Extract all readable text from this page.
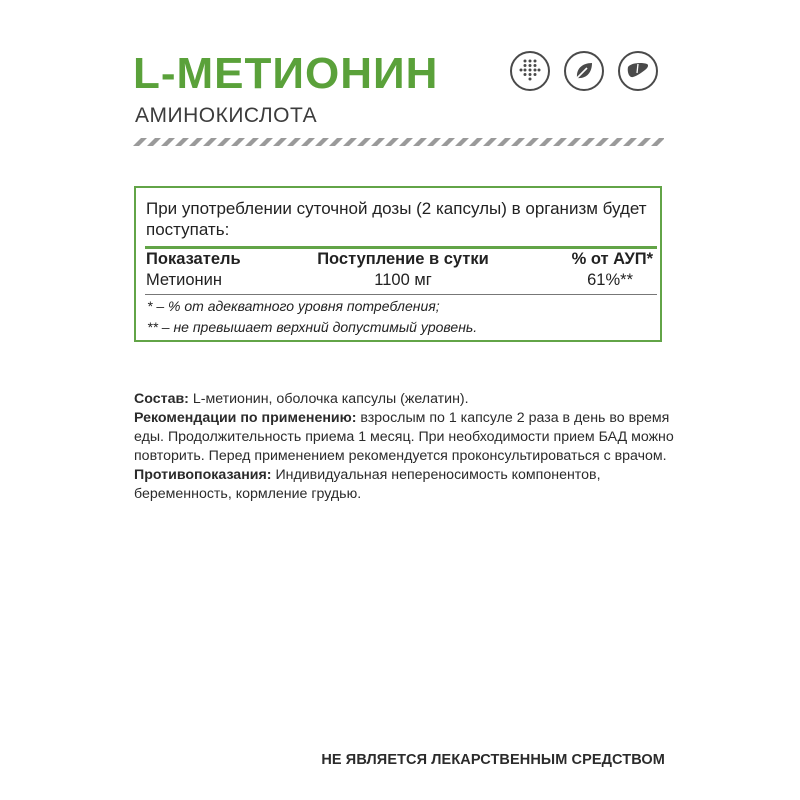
L-МЕТИОНИН
АМИНОКИСЛОТА
При употреблении суточной дозы (2 капсулы) в организм будет поступать:
Показатель	Поступление в сутки	% от АУП*
Метионин	1100 мг	61%**
* – % от адекватного уровня потребления;
** – не превышает верхний допустимый уровень.

Состав: L-метионин, оболочка капсулы (желатин).

Рекомендации по применению: взрослым по 1 капсуле 2 раза в день во время еды. Продолжительность приема 1 месяц. При необходимости прием БАД можно повторить. Перед применением рекомендуется проконсультироваться с врачом.

Противопоказания: Индивидуальная непереносимость компонентов, беременность, кормление грудью.

НЕ ЯВЛЯЕТСЯ ЛЕКАРСТВЕННЫМ СРЕДСТВОМ
